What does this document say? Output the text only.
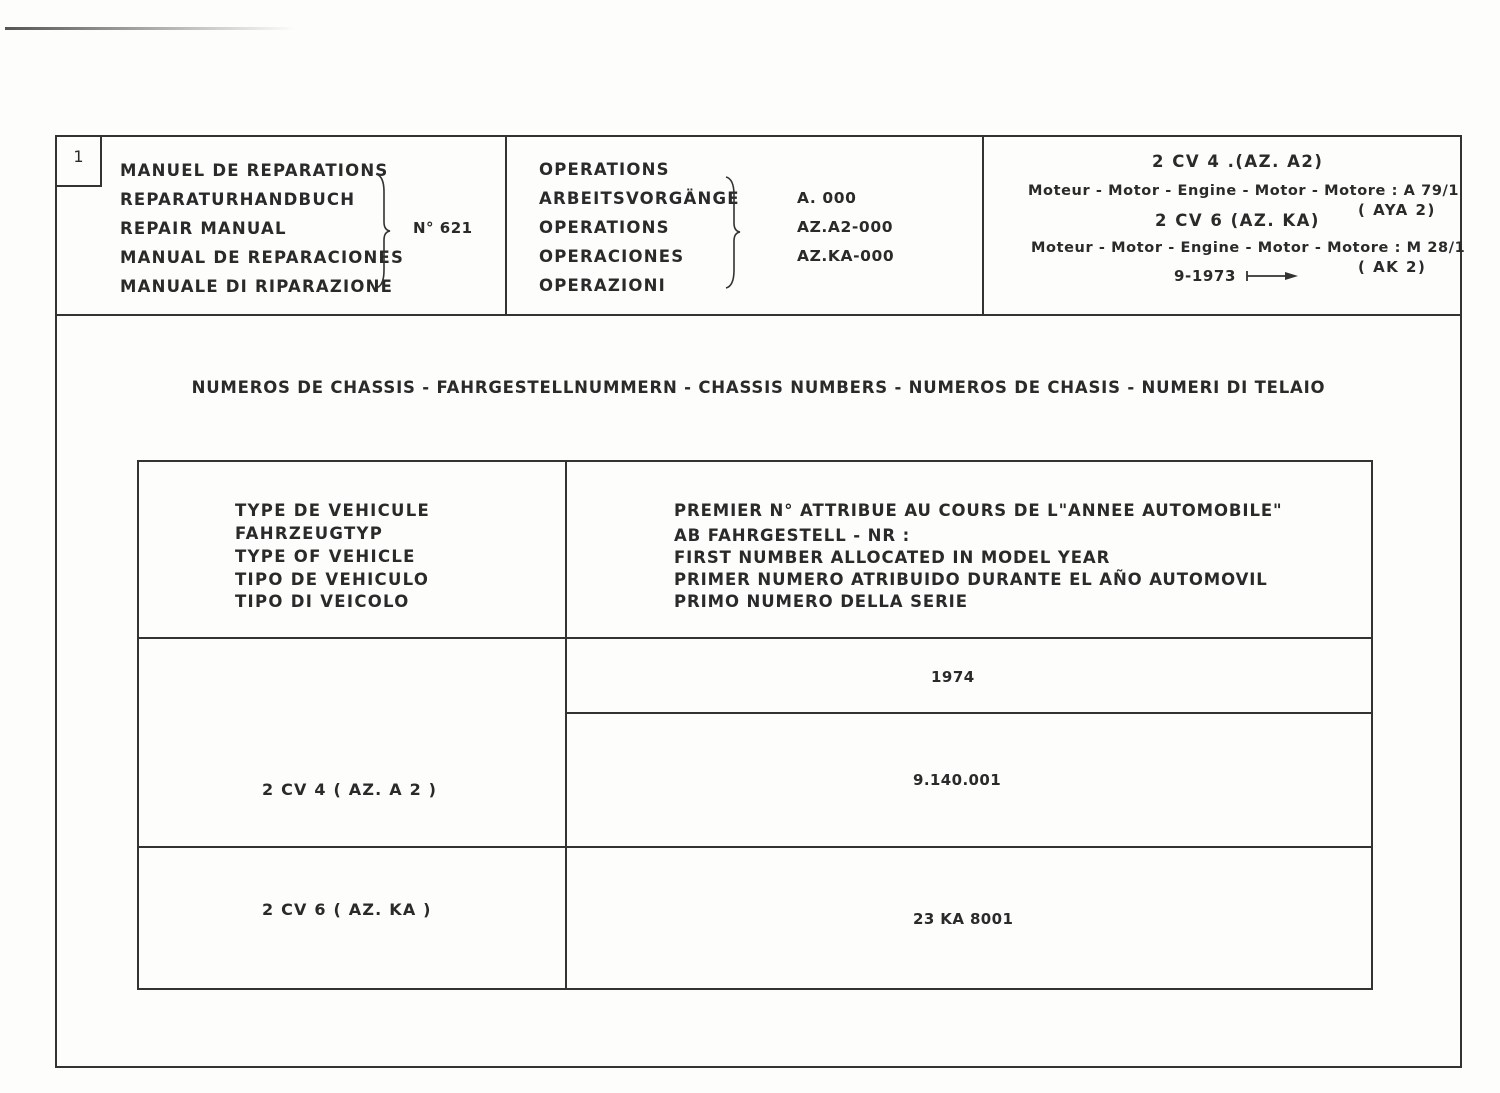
1
MANUEL DE REPARATIONS
REPARATURHANDBUCH
REPAIR MANUAL
MANUAL DE REPARACIONES
MANUALE DI RIPARAZIONE
N° 621
OPERATIONS
ARBEITSVORGÄNGE
OPERATIONS
OPERACIONES
OPERAZIONI
A. 000
AZ.A2-000
AZ.KA-000
2 CV 4 .(AZ. A2)
Moteur - Motor - Engine - Motor - Motore : A 79/1
( AYA 2)
2 CV 6 (AZ. KA)
Moteur - Motor - Engine - Motor - Motore : M 28/1
( AK 2)
9-1973
NUMEROS DE CHASSIS - FAHRGESTELLNUMMERN - CHASSIS NUMBERS - NUMEROS DE CHASIS - NUMERI DI TELAIO
TYPE DE VEHICULE
FAHRZEUGTYP
TYPE OF VEHICLE
TIPO DE VEHICULO
TIPO DI VEICOLO
PREMIER N° ATTRIBUE AU COURS DE L"ANNEE AUTOMOBILE"
AB FAHRGESTELL - NR :
FIRST NUMBER ALLOCATED IN MODEL YEAR
PRIMER NUMERO ATRIBUIDO DURANTE EL AÑO AUTOMOVIL
PRIMO NUMERO DELLA SERIE
1974
2 CV 4 ( AZ. A 2 )	9.140.001
2 CV 6 ( AZ. KA )	23 KA 8001
